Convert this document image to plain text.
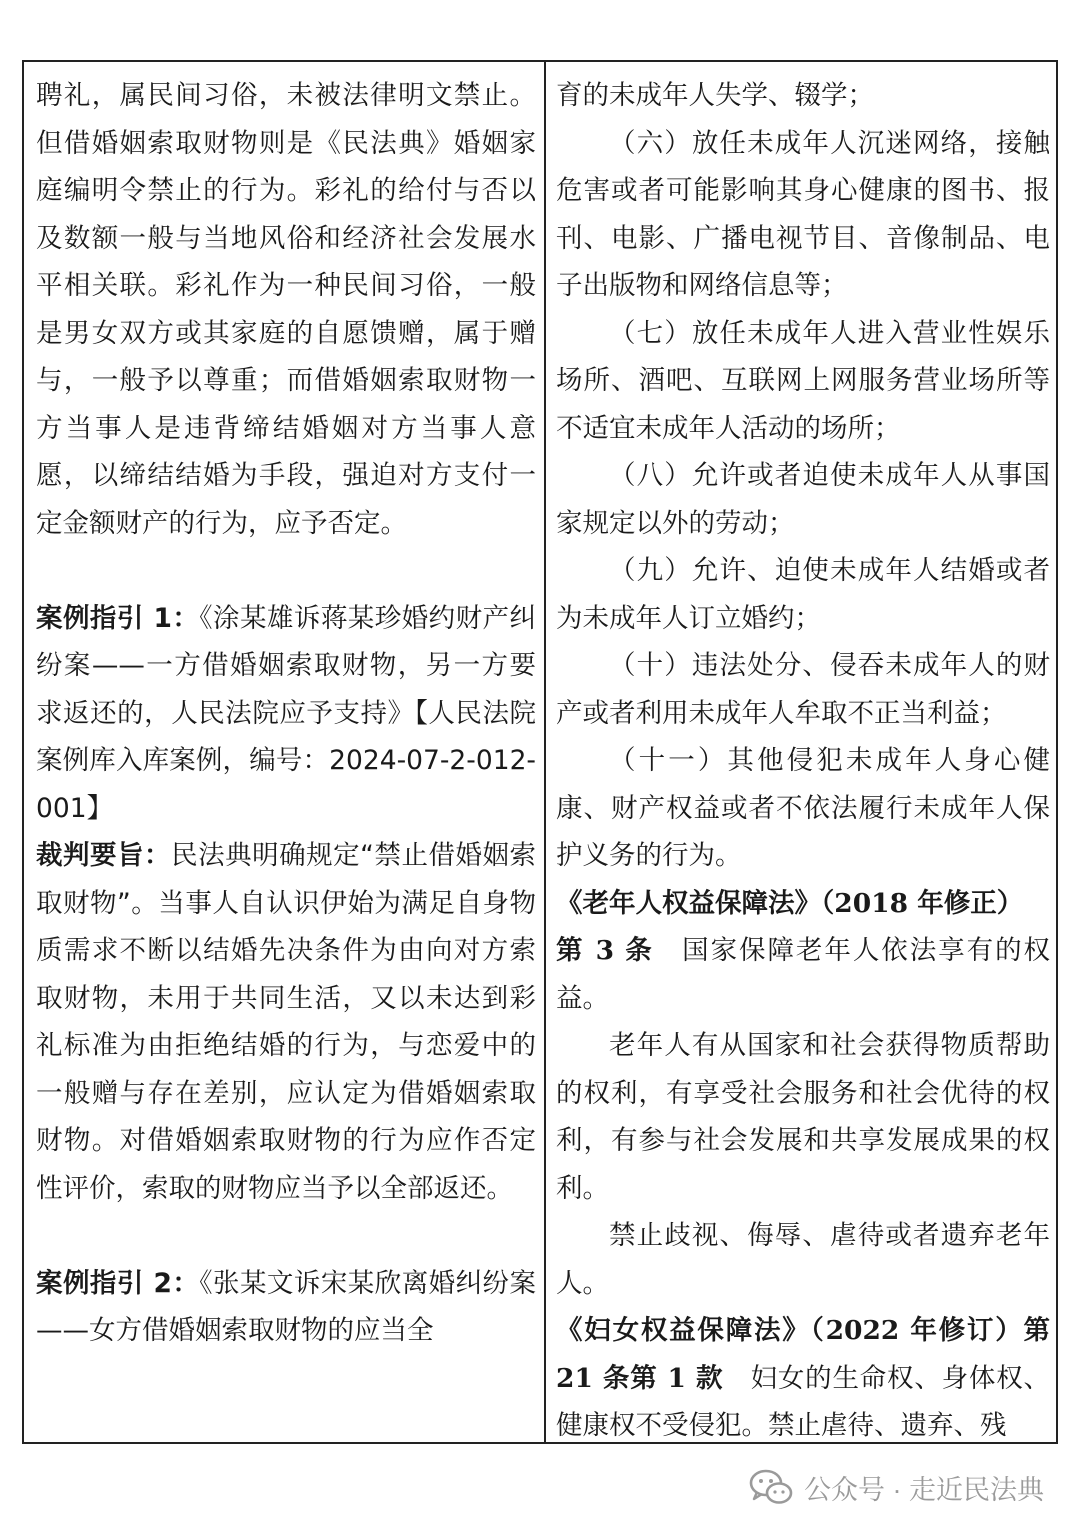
聘礼，属民间习俗，未被法律明文禁止。但借婚姻索取财物则是《民法典》婚姻家庭编明令禁止的行为。彩礼的给付与否以及数额一般与当地风俗和经济社会发展水平相关联。彩礼作为一种民间习俗，一般是男女双方或其家庭的自愿馈赠，属于赠与，一般予以尊重；而借婚姻索取财物一方当事人是违背缔结婚姻对方当事人意愿，以缔结结婚为手段，强迫对方支付一定金额财产的行为，应予否定。

案例指引 1：《涂某雄诉蒋某珍婚约财产纠纷案——一方借婚姻索取财物，另一方要求返还的，人民法院应予支持》【人民法院案例库入库案例，编号：2024-07-2-012-001】

裁判要旨：民法典明确规定“禁止借婚姻索取财物”。当事人自认识伊始为满足自身物质需求不断以结婚先决条件为由向对方索取财物，未用于共同生活，又以未达到彩礼标准为由拒绝结婚的行为，与恋爱中的一般赠与存在差别，应认定为借婚姻索取财物。对借婚姻索取财物的行为应作否定性评价，索取的财物应当予以全部返还。

案例指引 2：《张某文诉宋某欣离婚纠纷案——女方借婚姻索取财物的应当全

育的未成年人失学、辍学；

（六）放任未成年人沉迷网络，接触危害或者可能影响其身心健康的图书、报刊、电影、广播电视节目、音像制品、电子出版物和网络信息等；

（七）放任未成年人进入营业性娱乐场所、酒吧、互联网上网服务营业场所等不适宜未成年人活动的场所；

（八）允许或者迫使未成年人从事国家规定以外的劳动；

（九）允许、迫使未成年人结婚或者为未成年人订立婚约；

（十）违法处分、侵吞未成年人的财产或者利用未成年人牟取不正当利益；

（十一）其他侵犯未成年人身心健康、财产权益或者不依法履行未成年人保护义务的行为。

《老年人权益保障法》（2018 年修正）
第 3 条　 国家保障老年人依法享有的权益。

老年人有从国家和社会获得物质帮助的权利，有享受社会服务和社会优待的权利，有参与社会发展和共享发展成果的权利。

禁止歧视、侮辱、虐待或者遗弃老年人。

《妇女权益保障法》（2022 年修订）第 21 条第 1 款　 妇女的生命权、身体权、健康权不受侵犯。禁止虐待、遗弃、残

公众号 · 走近民法典
